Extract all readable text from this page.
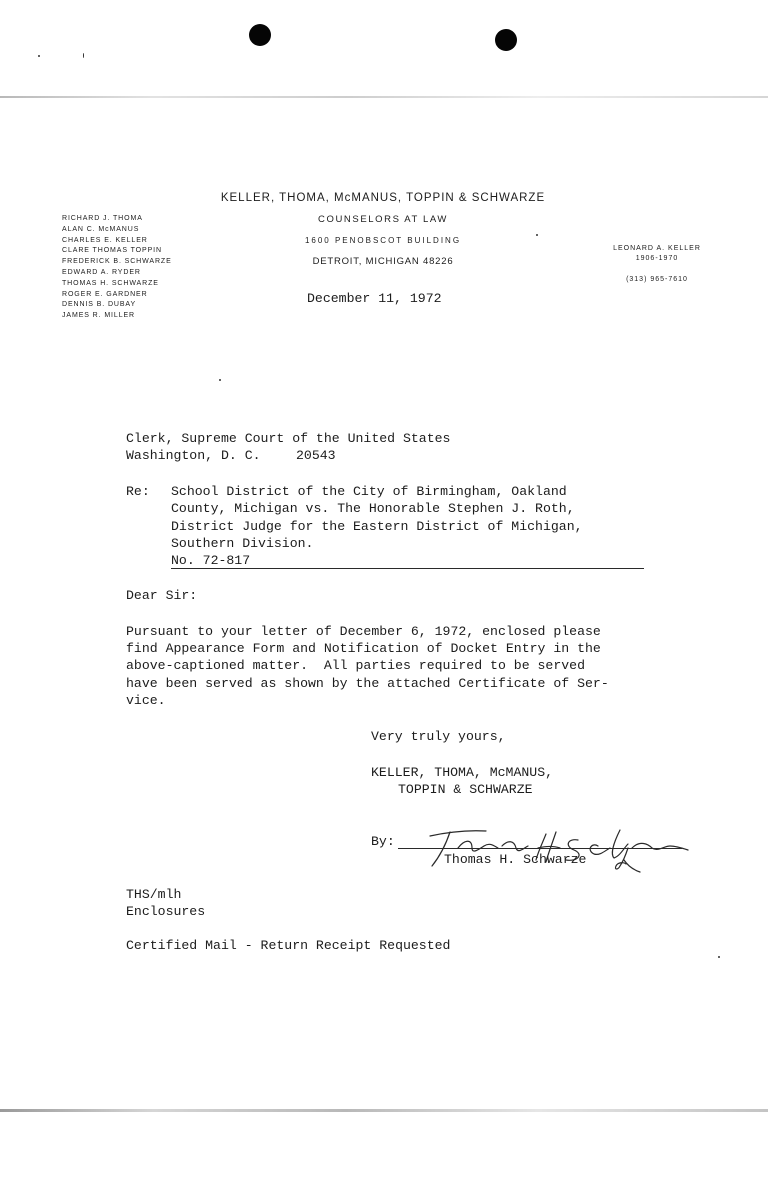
KELLER, THOMA, McMANUS, TOPPIN & SCHWARZE
COUNSELORS AT LAW
1600 PENOBSCOT BUILDING
DETROIT, MICHIGAN 48226
RICHARD J. THOMA
ALAN C. McMANUS
CHARLES E. KELLER
CLARE THOMAS TOPPIN
FREDERICK B. SCHWARZE
EDWARD A. RYDER
THOMAS H. SCHWARZE
ROGER E. GARDNER
DENNIS B. DUBAY
JAMES R. MILLER
LEONARD A. KELLER
1906-1970
(313) 965-7610
December 11, 1972
Clerk, Supreme Court of the United States
Washington, D. C.	20543
Re: School District of the City of Birmingham, Oakland
County, Michigan vs. The Honorable Stephen J. Roth,
District Judge for the Eastern District of Michigan,
Southern Division.
No. 72-817
Dear Sir:
Pursuant to your letter of December 6, 1972, enclosed please
find Appearance Form and Notification of Docket Entry in the
above-captioned matter.  All parties required to be served
have been served as shown by the attached Certificate of Ser-
vice.
Very truly yours,
KELLER, THOMA, McMANUS,
TOPPIN & SCHWARZE
By:
Thomas H. Schwarze
THS/mlh
Enclosures
Certified Mail - Return Receipt Requested
